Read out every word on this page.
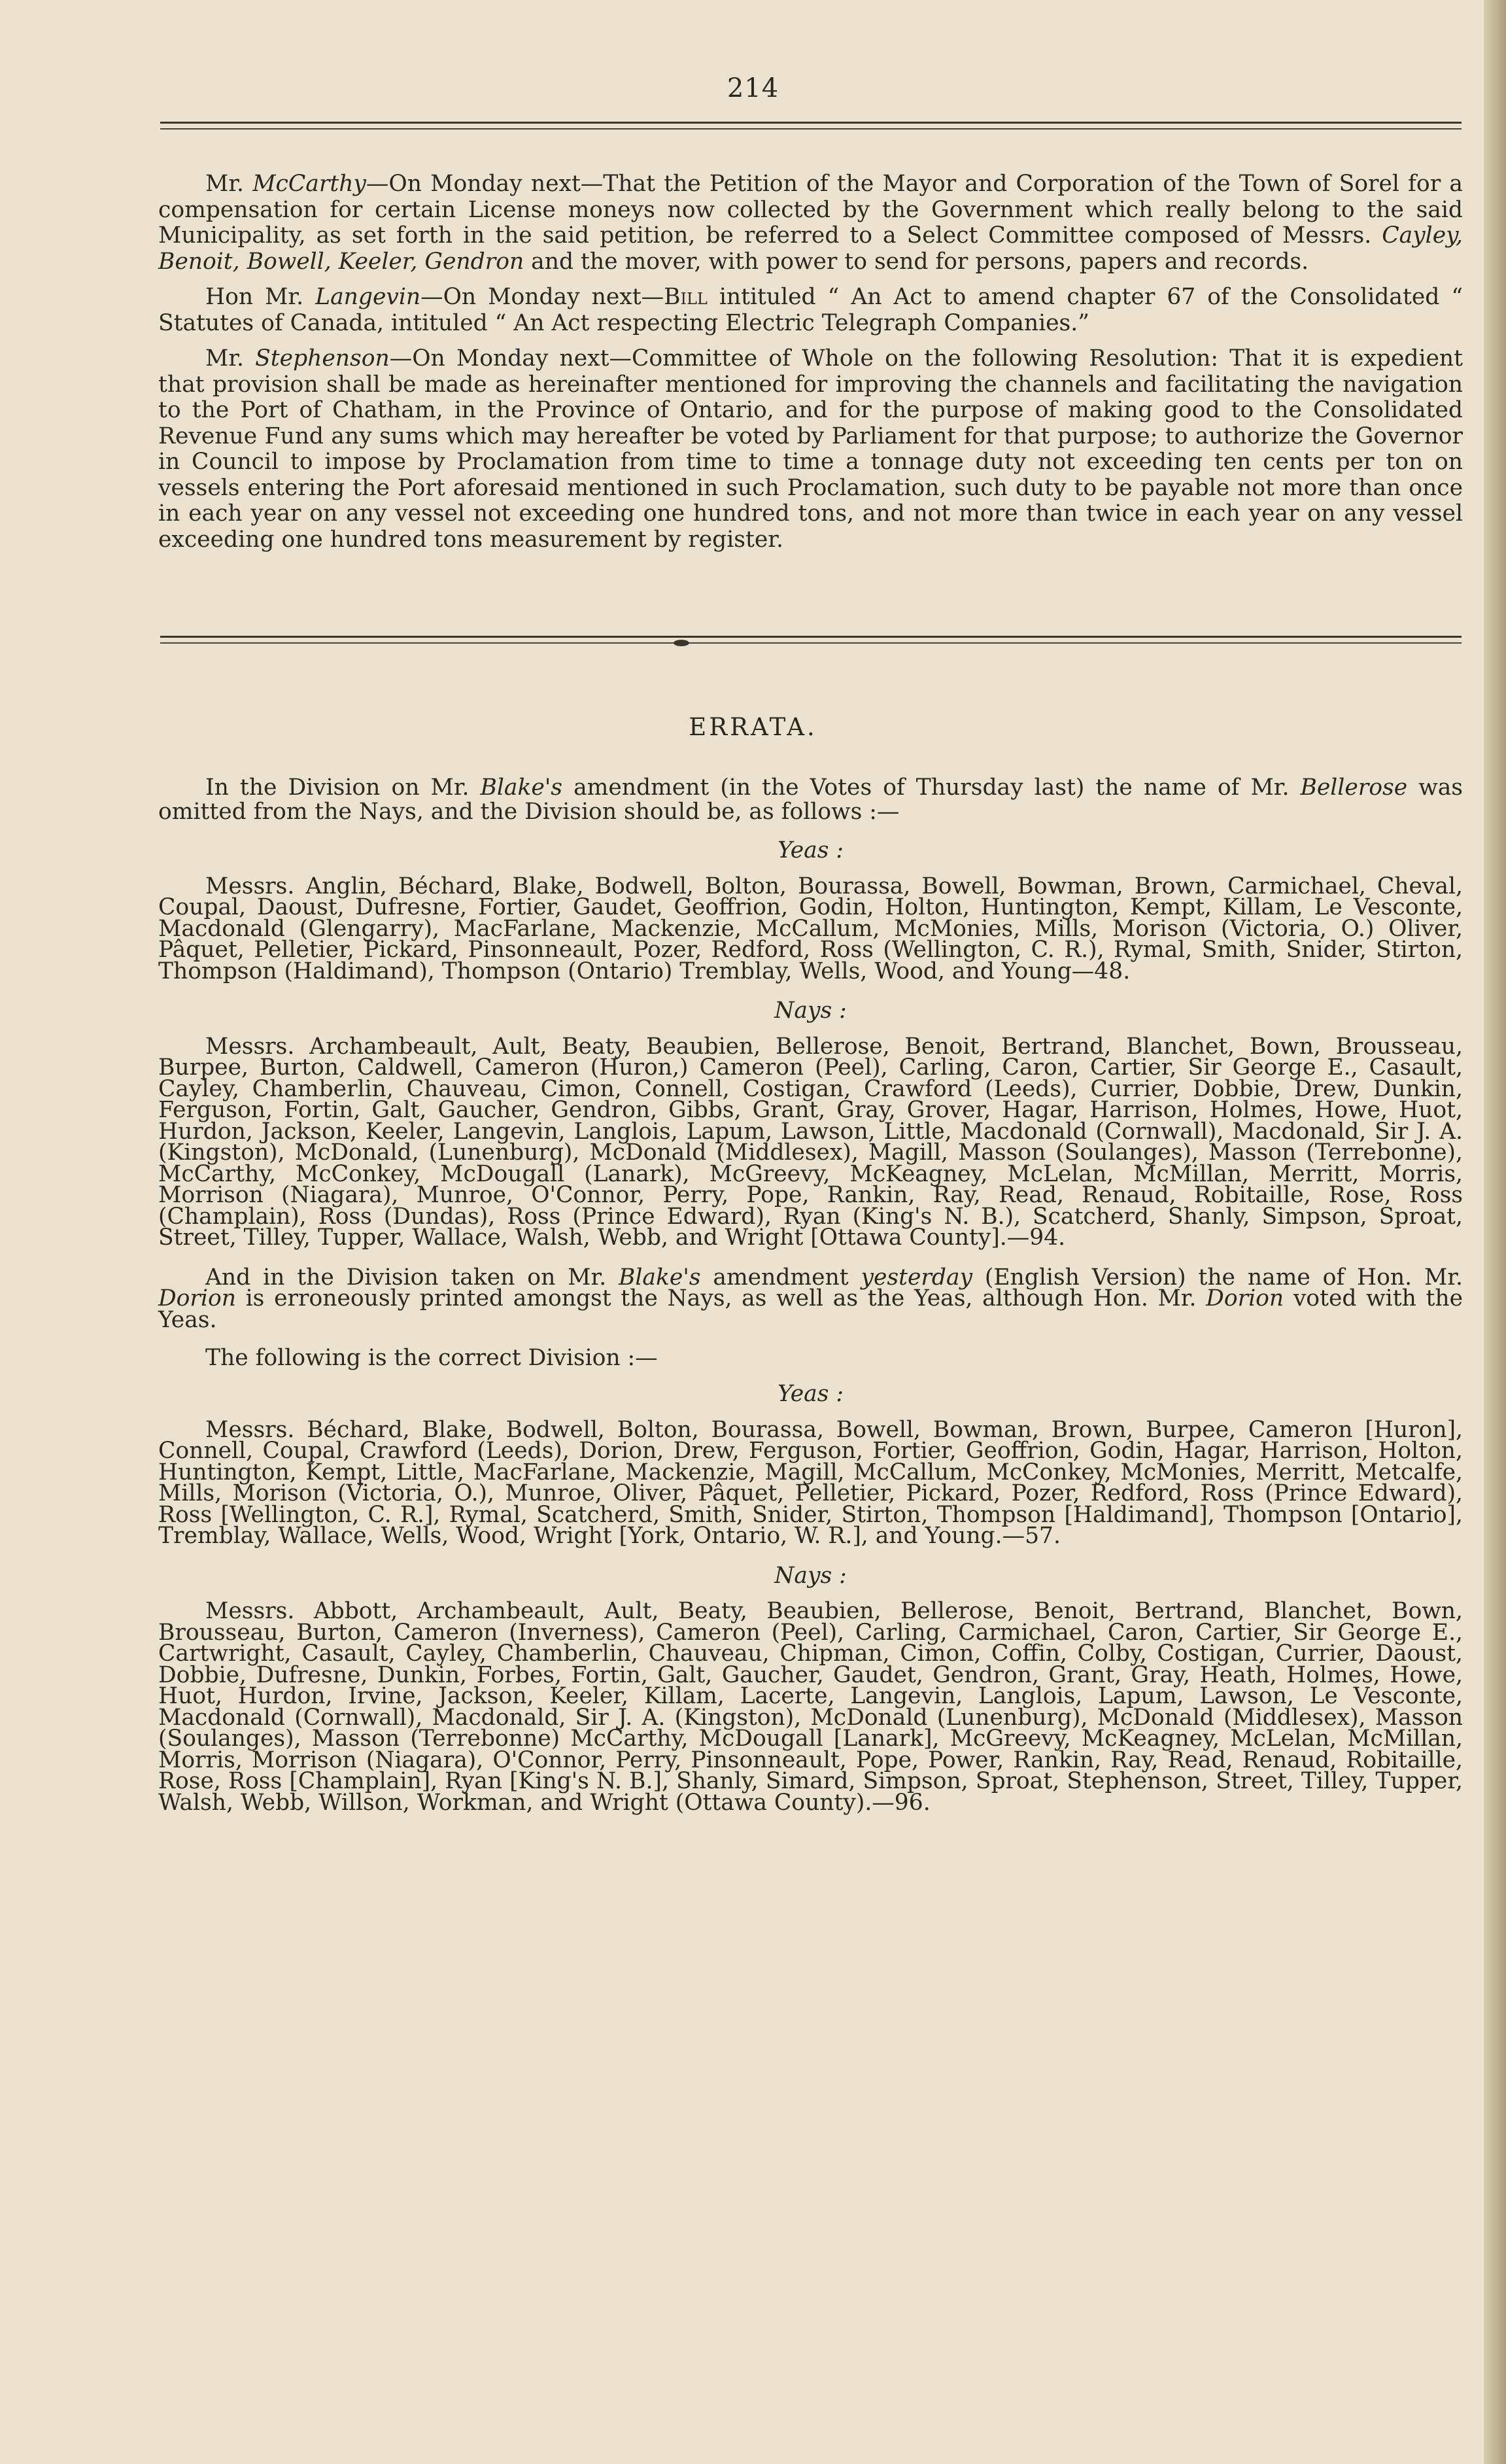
214

Mr. McCarthy—On Monday next—That the Petition of the Mayor and Corporation of the Town of Sorel for a compensation for certain License moneys now collected by the Government which really belong to the said Municipality, as set forth in the said petition, be referred to a Select Committee composed of Messrs. Cayley, Benoit, Bowell, Keeler, Gendron and the mover, with power to send for persons, papers and records.

Hon Mr. Langevin—On Monday next—Bill intituled “ An Act to amend chapter 67 of the Consolidated “ Statutes of Canada, intituled “ An Act respecting Electric Telegraph Companies.”

Mr. Stephenson—On Monday next—Committee of Whole on the following Resolution: That it is expedient that provision shall be made as hereinafter mentioned for improving the channels and facilitating the navigation to the Port of Chatham, in the Province of Ontario, and for the purpose of making good to the Consolidated Revenue Fund any sums which may hereafter be voted by Parliament for that purpose; to authorize the Governor in Council to impose by Proclamation from time to time a tonnage duty not exceeding ten cents per ton on vessels entering the Port aforesaid mentioned in such Proclamation, such duty to be payable not more than once in each year on any vessel not exceeding one hundred tons, and not more than twice in each year on any vessel exceeding one hundred tons measurement by register.

ERRATA.

In the Division on Mr. Blake's amendment (in the Votes of Thursday last) the name of Mr. Bellerose was omitted from the Nays, and the Division should be, as follows :—

Yeas :

Messrs. Anglin, Béchard, Blake, Bodwell, Bolton, Bourassa, Bowell, Bowman, Brown, Carmichael, Cheval, Coupal, Daoust, Dufresne, Fortier, Gaudet, Geoffrion, Godin, Holton, Huntington, Kempt, Killam, Le Vesconte, Macdonald (Glengarry), MacFarlane, Mackenzie, McCallum, McMonies, Mills, Morison (Victoria, O.) Oliver, Pâquet, Pelletier, Pickard, Pinsonneault, Pozer, Redford, Ross (Wellington, C. R.), Rymal, Smith, Snider, Stirton, Thompson (Haldimand), Thompson (Ontario) Tremblay, Wells, Wood, and Young—48.

Nays :

Messrs. Archambeault, Ault, Beaty, Beaubien, Bellerose, Benoit, Bertrand, Blanchet, Bown, Brousseau, Burpee, Burton, Caldwell, Cameron (Huron,) Cameron (Peel), Carling, Caron, Cartier, Sir George E., Casault, Cayley, Chamberlin, Chauveau, Cimon, Connell, Costigan, Crawford (Leeds), Currier, Dobbie, Drew, Dunkin, Ferguson, Fortin, Galt, Gaucher, Gendron, Gibbs, Grant, Gray, Grover, Hagar, Harrison, Holmes, Howe, Huot, Hurdon, Jackson, Keeler, Langevin, Langlois, Lapum, Lawson, Little, Macdonald (Cornwall), Macdonald, Sir J. A. (Kingston), McDonald, (Lunenburg), McDonald (Middlesex), Magill, Masson (Soulanges), Masson (Terrebonne), McCarthy, McConkey, McDougall (Lanark), McGreevy, McKeagney, McLelan, McMillan, Merritt, Morris, Morrison (Niagara), Munroe, O'Connor, Perry, Pope, Rankin, Ray, Read, Renaud, Robitaille, Rose, Ross (Champlain), Ross (Dundas), Ross (Prince Edward), Ryan (King's N. B.), Scatcherd, Shanly, Simpson, Sproat, Street, Tilley, Tupper, Wallace, Walsh, Webb, and Wright [Ottawa County].—94.

And in the Division taken on Mr. Blake's amendment yesterday (English Version) the name of Hon. Mr. Dorion is erroneously printed amongst the Nays, as well as the Yeas, although Hon. Mr. Dorion voted with the Yeas.

The following is the correct Division :—

Yeas :

Messrs. Béchard, Blake, Bodwell, Bolton, Bourassa, Bowell, Bowman, Brown, Burpee, Cameron [Huron], Connell, Coupal, Crawford (Leeds), Dorion, Drew, Ferguson, Fortier, Geoffrion, Godin, Hagar, Harrison, Holton, Huntington, Kempt, Little, MacFarlane, Mackenzie, Magill, McCallum, McConkey, McMonies, Merritt, Metcalfe, Mills, Morison (Victoria, O.), Munroe, Oliver, Pâquet, Pelletier, Pickard, Pozer, Redford, Ross (Prince Edward), Ross [Wellington, C. R.], Rymal, Scatcherd, Smith, Snider, Stirton, Thompson [Haldimand], Thompson [Ontario], Tremblay, Wallace, Wells, Wood, Wright [York, Ontario, W. R.], and Young.—57.

Nays :

Messrs. Abbott, Archambeault, Ault, Beaty, Beaubien, Bellerose, Benoit, Bertrand, Blanchet, Bown, Brousseau, Burton, Cameron (Inverness), Cameron (Peel), Carling, Carmichael, Caron, Cartier, Sir George E., Cartwright, Casault, Cayley, Chamberlin, Chauveau, Chipman, Cimon, Coffin, Colby, Costigan, Currier, Daoust, Dobbie, Dufresne, Dunkin, Forbes, Fortin, Galt, Gaucher, Gaudet, Gendron, Grant, Gray, Heath, Holmes, Howe, Huot, Hurdon, Irvine, Jackson, Keeler, Killam, Lacerte, Langevin, Langlois, Lapum, Lawson, Le Vesconte, Macdonald (Cornwall), Macdonald, Sir J. A. (Kingston), McDonald (Lunenburg), McDonald (Middlesex), Masson (Soulanges), Masson (Terrebonne) McCarthy, McDougall [Lanark], McGreevy, McKeagney, McLelan, McMillan, Morris, Morrison (Niagara), O'Connor, Perry, Pinsonneault, Pope, Power, Rankin, Ray, Read, Renaud, Robitaille, Rose, Ross [Champlain], Ryan [King's N. B.], Shanly, Simard, Simpson, Sproat, Stephenson, Street, Tilley, Tupper, Walsh, Webb, Willson, Workman, and Wright (Ottawa County).—96.
